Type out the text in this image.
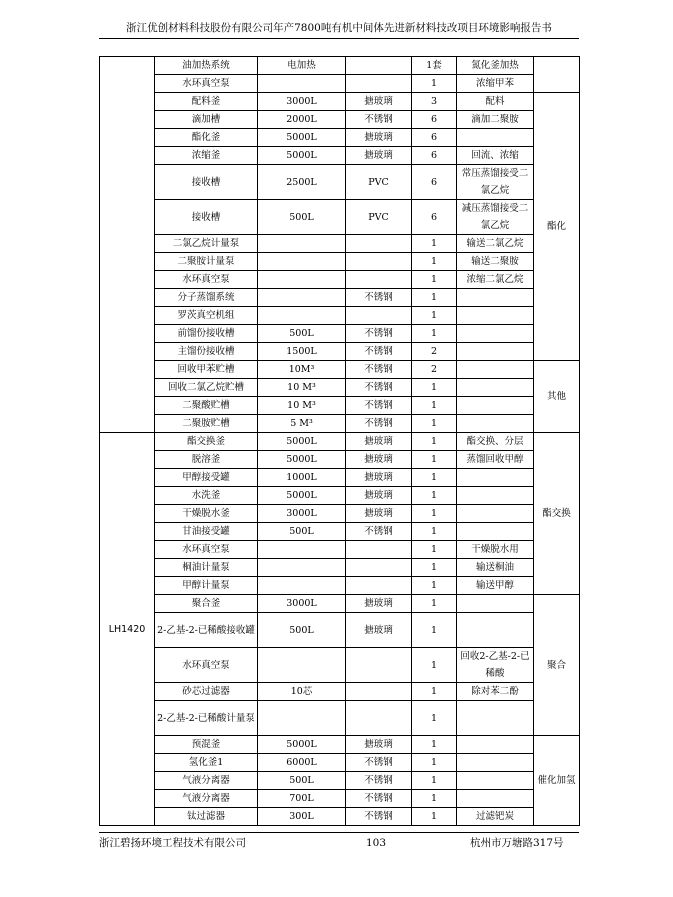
浙江优创材料科技股份有限公司年产7800吨有机中间体先进新材料技改项目环境影响报告书
	油加热系统	电加热		1套	氮化釜加热	
	水环真空泵			1	浓缩甲苯	
	配料釜	3000L	搪玻璃	3	配料	酯化
	滴加槽	2000L	不锈钢	6	滴加二聚胺	
	酯化釜	5000L	搪玻璃	6		
	浓缩釜	5000L	搪玻璃	6	回流、浓缩	
	接收槽	2500L	PVC	6	常压蒸馏接受二氯乙烷	
	接收槽	500L	PVC	6	减压蒸馏接受二氯乙烷	
	二氯乙烷计量泵			1	输送二氯乙烷	
	二聚胺计量泵			1	输送二聚胺	
	水环真空泵			1	浓缩二氯乙烷	
	分子蒸馏系统		不锈钢	1		
	罗茨真空机组			1		
	前馏份接收槽	500L	不锈钢	1		
	主馏份接收槽	1500L	不锈钢	2		
	回收甲苯贮槽	10M³	不锈钢	2		其他
	回收二氯乙烷贮槽	10 M³	不锈钢	1		
	二聚酸贮槽	10 M³	不锈钢	1		
	二聚胺贮槽	5 M³	不锈钢	1		
LH1420	酯交换釜	5000L	搪玻璃	1	酯交换、分层	酯交换
	脱溶釜	5000L	搪玻璃	1	蒸馏回收甲醇	
	甲醇接受罐	1000L	搪玻璃	1		
	水洗釜	5000L	搪玻璃	1		
	干燥脱水釜	3000L	搪玻璃	1		
	甘油接受罐	500L	不锈钢	1		
	水环真空泵			1	干燥脱水用	
	桐油计量泵			1	输送桐油	
	甲醇计量泵			1	输送甲醇	
	聚合釜	3000L	搪玻璃	1		聚合
	2-乙基-2-已稀酸接收罐	500L	搪玻璃	1		
	水环真空泵			1	回收2-乙基-2-已稀酸	
	砂芯过滤器	10芯		1	除对苯二酚	
	2-乙基-2-已稀酸计量泵			1		
	预混釜	5000L	搪玻璃	1		催化加氢
	氢化釜1	6000L	不锈钢	1		
	气液分离器	500L	不锈钢	1		
	气液分离器	700L	不锈钢	1		
	钛过滤器	300L	不锈钢	1	过滤钯炭	
浙江碧扬环境工程技术有限公司	103	杭州市万塘路317号
